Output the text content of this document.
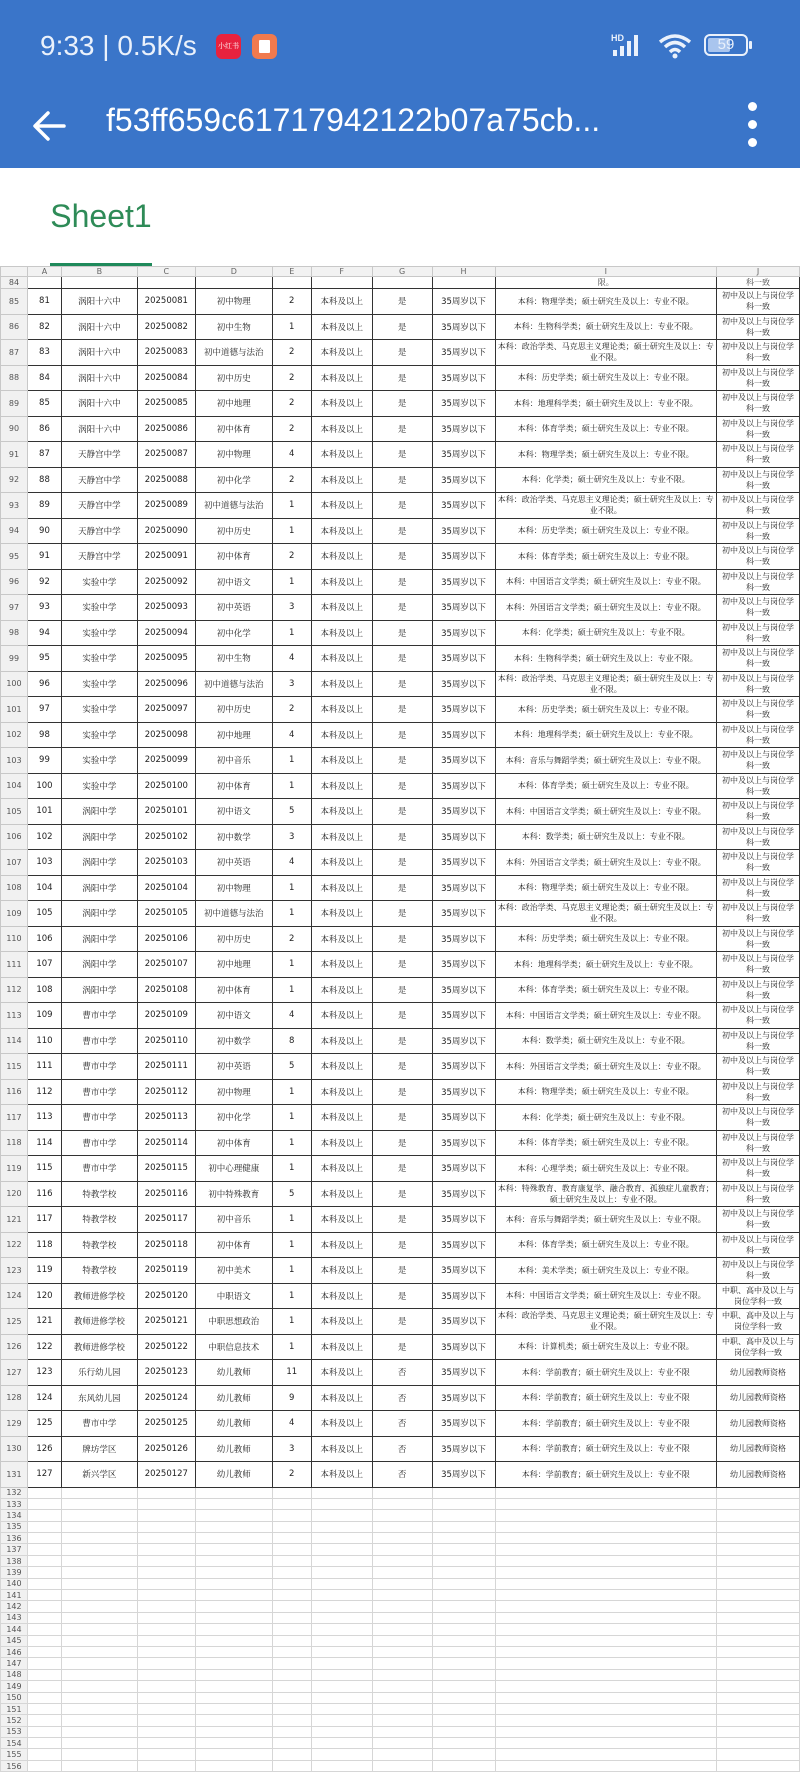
9:33 | 0.5K/s	小红书
HD	59
f53ff659c61717942122b07a75cb...
Sheet1
	A	B	C	D	E	F	G	H	I	J
84									限。	科一致
85	81	涡阳十六中	20250081	初中物理	2	本科及以上	是	35周岁以下	本科：物理学类；硕士研究生及以上：专业不限。	初中及以上与岗位学科一致
86	82	涡阳十六中	20250082	初中生物	1	本科及以上	是	35周岁以下	本科：生物科学类；硕士研究生及以上：专业不限。	初中及以上与岗位学科一致
87	83	涡阳十六中	20250083	初中道德与法治	2	本科及以上	是	35周岁以下	本科：政治学类、马克思主义理论类；硕士研究生及以上：专业不限。	初中及以上与岗位学科一致
88	84	涡阳十六中	20250084	初中历史	2	本科及以上	是	35周岁以下	本科：历史学类；硕士研究生及以上：专业不限。	初中及以上与岗位学科一致
89	85	涡阳十六中	20250085	初中地理	2	本科及以上	是	35周岁以下	本科：地理科学类；硕士研究生及以上：专业不限。	初中及以上与岗位学科一致
90	86	涡阳十六中	20250086	初中体育	2	本科及以上	是	35周岁以下	本科：体育学类；硕士研究生及以上：专业不限。	初中及以上与岗位学科一致
91	87	天静宫中学	20250087	初中物理	4	本科及以上	是	35周岁以下	本科：物理学类；硕士研究生及以上：专业不限。	初中及以上与岗位学科一致
92	88	天静宫中学	20250088	初中化学	2	本科及以上	是	35周岁以下	本科：化学类；硕士研究生及以上：专业不限。	初中及以上与岗位学科一致
93	89	天静宫中学	20250089	初中道德与法治	1	本科及以上	是	35周岁以下	本科：政治学类、马克思主义理论类；硕士研究生及以上：专业不限。	初中及以上与岗位学科一致
94	90	天静宫中学	20250090	初中历史	1	本科及以上	是	35周岁以下	本科：历史学类；硕士研究生及以上：专业不限。	初中及以上与岗位学科一致
95	91	天静宫中学	20250091	初中体育	2	本科及以上	是	35周岁以下	本科：体育学类；硕士研究生及以上：专业不限。	初中及以上与岗位学科一致
96	92	实验中学	20250092	初中语文	1	本科及以上	是	35周岁以下	本科：中国语言文学类；硕士研究生及以上：专业不限。	初中及以上与岗位学科一致
97	93	实验中学	20250093	初中英语	3	本科及以上	是	35周岁以下	本科：外国语言文学类；硕士研究生及以上：专业不限。	初中及以上与岗位学科一致
98	94	实验中学	20250094	初中化学	1	本科及以上	是	35周岁以下	本科：化学类；硕士研究生及以上：专业不限。	初中及以上与岗位学科一致
99	95	实验中学	20250095	初中生物	4	本科及以上	是	35周岁以下	本科：生物科学类；硕士研究生及以上：专业不限。	初中及以上与岗位学科一致
100	96	实验中学	20250096	初中道德与法治	3	本科及以上	是	35周岁以下	本科：政治学类、马克思主义理论类；硕士研究生及以上：专业不限。	初中及以上与岗位学科一致
101	97	实验中学	20250097	初中历史	2	本科及以上	是	35周岁以下	本科：历史学类；硕士研究生及以上：专业不限。	初中及以上与岗位学科一致
102	98	实验中学	20250098	初中地理	4	本科及以上	是	35周岁以下	本科：地理科学类；硕士研究生及以上：专业不限。	初中及以上与岗位学科一致
103	99	实验中学	20250099	初中音乐	1	本科及以上	是	35周岁以下	本科：音乐与舞蹈学类；硕士研究生及以上：专业不限。	初中及以上与岗位学科一致
104	100	实验中学	20250100	初中体育	1	本科及以上	是	35周岁以下	本科：体育学类；硕士研究生及以上：专业不限。	初中及以上与岗位学科一致
105	101	涡阳中学	20250101	初中语文	5	本科及以上	是	35周岁以下	本科：中国语言文学类；硕士研究生及以上：专业不限。	初中及以上与岗位学科一致
106	102	涡阳中学	20250102	初中数学	3	本科及以上	是	35周岁以下	本科：数学类；硕士研究生及以上：专业不限。	初中及以上与岗位学科一致
107	103	涡阳中学	20250103	初中英语	4	本科及以上	是	35周岁以下	本科：外国语言文学类；硕士研究生及以上：专业不限。	初中及以上与岗位学科一致
108	104	涡阳中学	20250104	初中物理	1	本科及以上	是	35周岁以下	本科：物理学类；硕士研究生及以上：专业不限。	初中及以上与岗位学科一致
109	105	涡阳中学	20250105	初中道德与法治	1	本科及以上	是	35周岁以下	本科：政治学类、马克思主义理论类；硕士研究生及以上：专业不限。	初中及以上与岗位学科一致
110	106	涡阳中学	20250106	初中历史	2	本科及以上	是	35周岁以下	本科：历史学类；硕士研究生及以上：专业不限。	初中及以上与岗位学科一致
111	107	涡阳中学	20250107	初中地理	1	本科及以上	是	35周岁以下	本科：地理科学类；硕士研究生及以上：专业不限。	初中及以上与岗位学科一致
112	108	涡阳中学	20250108	初中体育	1	本科及以上	是	35周岁以下	本科：体育学类；硕士研究生及以上：专业不限。	初中及以上与岗位学科一致
113	109	曹市中学	20250109	初中语文	4	本科及以上	是	35周岁以下	本科：中国语言文学类；硕士研究生及以上：专业不限。	初中及以上与岗位学科一致
114	110	曹市中学	20250110	初中数学	8	本科及以上	是	35周岁以下	本科：数学类；硕士研究生及以上：专业不限。	初中及以上与岗位学科一致
115	111	曹市中学	20250111	初中英语	5	本科及以上	是	35周岁以下	本科：外国语言文学类；硕士研究生及以上：专业不限。	初中及以上与岗位学科一致
116	112	曹市中学	20250112	初中物理	1	本科及以上	是	35周岁以下	本科：物理学类；硕士研究生及以上：专业不限。	初中及以上与岗位学科一致
117	113	曹市中学	20250113	初中化学	1	本科及以上	是	35周岁以下	本科：化学类；硕士研究生及以上：专业不限。	初中及以上与岗位学科一致
118	114	曹市中学	20250114	初中体育	1	本科及以上	是	35周岁以下	本科：体育学类；硕士研究生及以上：专业不限。	初中及以上与岗位学科一致
119	115	曹市中学	20250115	初中心理健康	1	本科及以上	是	35周岁以下	本科：心理学类；硕士研究生及以上：专业不限。	初中及以上与岗位学科一致
120	116	特教学校	20250116	初中特殊教育	5	本科及以上	是	35周岁以下	本科：特殊教育、教育康复学、融合教育、孤独症儿童教育；硕士研究生及以上：专业不限。	初中及以上与岗位学科一致
121	117	特教学校	20250117	初中音乐	1	本科及以上	是	35周岁以下	本科：音乐与舞蹈学类；硕士研究生及以上：专业不限。	初中及以上与岗位学科一致
122	118	特教学校	20250118	初中体育	1	本科及以上	是	35周岁以下	本科：体育学类；硕士研究生及以上：专业不限。	初中及以上与岗位学科一致
123	119	特教学校	20250119	初中美术	1	本科及以上	是	35周岁以下	本科：美术学类；硕士研究生及以上：专业不限。	初中及以上与岗位学科一致
124	120	教师进修学校	20250120	中职语文	1	本科及以上	是	35周岁以下	本科：中国语言文学类；硕士研究生及以上：专业不限。	中职、高中及以上与岗位学科一致
125	121	教师进修学校	20250121	中职思想政治	1	本科及以上	是	35周岁以下	本科：政治学类、马克思主义理论类；硕士研究生及以上：专业不限。	中职、高中及以上与岗位学科一致
126	122	教师进修学校	20250122	中职信息技术	1	本科及以上	是	35周岁以下	本科：计算机类；硕士研究生及以上：专业不限。	中职、高中及以上与岗位学科一致
127	123	乐行幼儿园	20250123	幼儿教师	11	本科及以上	否	35周岁以下	本科：学前教育；硕士研究生及以上：专业不限	幼儿园教师资格
128	124	东风幼儿园	20250124	幼儿教师	9	本科及以上	否	35周岁以下	本科：学前教育；硕士研究生及以上：专业不限	幼儿园教师资格
129	125	曹市中学	20250125	幼儿教师	4	本科及以上	否	35周岁以下	本科：学前教育；硕士研究生及以上：专业不限	幼儿园教师资格
130	126	牌坊学区	20250126	幼儿教师	3	本科及以上	否	35周岁以下	本科：学前教育；硕士研究生及以上：专业不限	幼儿园教师资格
131	127	新兴学区	20250127	幼儿教师	2	本科及以上	否	35周岁以下	本科：学前教育；硕士研究生及以上：专业不限	幼儿园教师资格
132										
133										
134										
135										
136										
137										
138										
139										
140										
141										
142										
143										
144										
145										
146										
147										
148										
149										
150										
151										
152										
153										
154										
155										
156										
